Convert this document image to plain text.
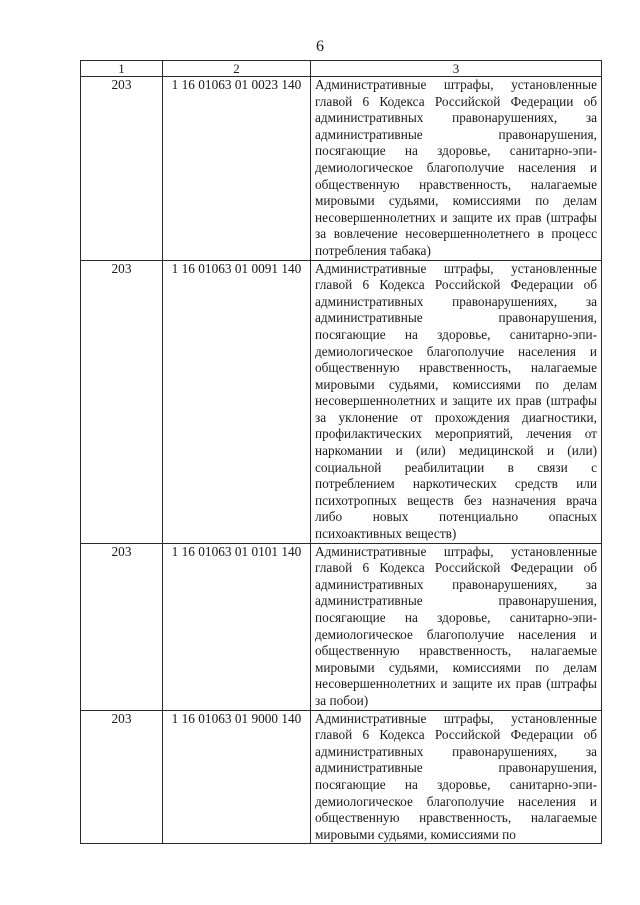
6
1	2	3
203	1 16 01063 01 0023 140	Административные штрафы, установленные главой 6 Кодекса Российской Федерации об административных правонарушениях, за административные правонарушения, посягающие на здоровье, санитарно-эпидемиологическое благополучие населения и общественную нравственность, налагаемые мировыми судьями, комиссиями по делам несовершеннолетних и защите их прав (штрафы за вовлечение несовершеннолетнего в процесс потребления табака)
203	1 16 01063 01 0091 140	Административные штрафы, установленные главой 6 Кодекса Российской Федерации об административных правонарушениях, за административные правонарушения, посягающие на здоровье, санитарно-эпидемиологическое благополучие населения и общественную нравственность, налагаемые мировыми судьями, комиссиями по делам несовершеннолетних и защите их прав (штрафы за уклонение от прохождения диагностики, профилактических мероприятий, лечения от наркомании и (или) медицинской и (или) социальной реабилитации в связи с потреблением наркотических средств или психотропных веществ без назначения врача либо новых потенциально опасных психоактивных веществ)
203	1 16 01063 01 0101 140	Административные штрафы, установленные главой 6 Кодекса Российской Федерации об административных правонарушениях, за административные правонарушения, посягающие на здоровье, санитарно-эпидемиологическое благополучие населения и общественную нравственность, налагаемые мировыми судьями, комиссиями по делам несовершеннолетних и защите их прав (штрафы за побои)
203	1 16 01063 01 9000 140	Административные штрафы, установленные главой 6 Кодекса Российской Федерации об административных правонарушениях, за административные правонарушения, посягающие на здоровье, санитарно-эпидемиологическое благополучие населения и общественную нравственность, налагаемые мировыми судьями, комиссиями по
